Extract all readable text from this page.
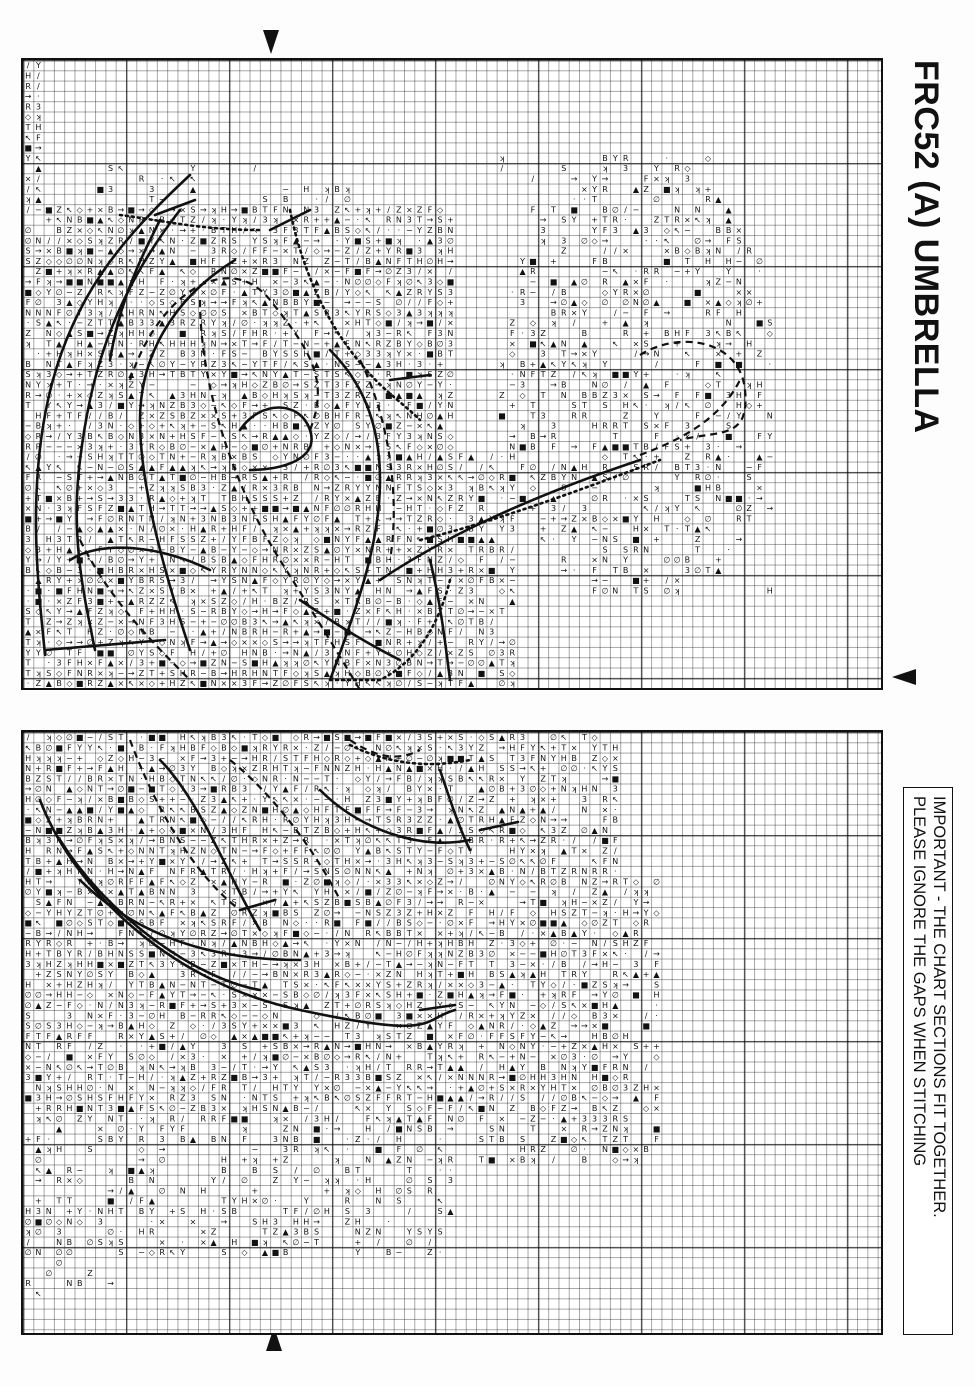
/
H
R
→
R
◇
T
↖
■
Y
×
/
ʞ
/
∅
∅
S
S
→
■
F
N
·
Z
ʞ
B
S
N
R
T
−
◇
R
/
↖
F
∅
+
×
■
B
3
◇
Y
B
·
·
S
T
▲
T
Y
T
T
·
Y
/
/
·
3
ʞ
H
F
→
↖
▲
/
↖
▲
−
N
→
Z
Z
F
◇
∅
N
S
·
ʞ
Y
→
H
B
R
R
∅
▲
R
↖
T
N
+
/
3
→
↖
▲
■
■
◇
×
ʞ
Y
ʞ
Z
■
+
/
×
◇
■
ʞ
Y
N
▲
N
T
+
N
3
ʞ
∅
Y
F
ʞ
→
−
Y
■
·
→
H
+
/
◇
R
·
·
↖
Z
F
·
∅
·
S
▲
Z
↖
B
/
B
◇
+
→
∅
3
F
↖
◇
▲
H
T
◇
+
·
↖
+
+
/
−
·
↖
−
↖
×
3
■
/
3
H
Y
B
Y
■
×
Y
→
↖
◇
3
◇
B
↖
N
Z
×
■
∅
ʞ
■
−
▲
∅
·
▲
ʞ
▲
→
T
+
Y
T
·
Y
−
→
S
∅
B
ʞ
Y
−
T
▲
+
−
+
F
Z
→
Z
T
→
T
F
F
◇
◇
B
×
◇
ʞ
∅
×
■
Z
◇
Y
−
S
H
H
F
+
·
×
→
F
3
×
−
↖
T
+
+
F
▲
R
↖
■
3
ʞ
H
F
▲
ʞ
→
F
H
N
■
+
■
◇
S
■
N
R
N
·
Y
3
Z
■
▲
×
ʞ
T
→
◇
▲
/
/
B
3
S
−
+
×
→
S
→
◇
/
↖
·
∅
N
3
F
×
H
∅
×
R
R
■
×
▲
↖
ʞ
−
ʞ
▲
■
R
H
ʞ
T
→
−
S
Z
Z
·
Z
3
/
3
↖
ʞ
H
N
→
◇
S
F
F
▲
F
/
■
∅
■
■
Z
Z
Z
+
■
F
×
Z
S
3
B
↖
N
Z
▲
◇
▲
■
↖
ʞ
/
T
Z
H
B
3
R
×
ʞ
/
B
N
B
+
ʞ
−
▲
3
→
Z
∅
▲
▲
Y
B
H
×
→
+
ʞ
−
·
Z
■
▲
ʞ
▲
↖
→
◇
∅
R
◇
R
∅
▲
ʞ
▲
▲
ʞ
N
▲
·
∅
ʞ
S
■
/
·
◇
·
T
∅
N
3
■
R
×
T
◇
∅
B
■
→
−
◇
×
∅
ʞ
×
−
×
■
N
ʞ
/
→
↖
↖
ʞ
F
·
H
B
H
·
→
ʞ
▲
Z
▲
Y
◇
N
3
T
S
B
−
3
▲
N
·
↖
∅
→
R
Y
↖
▲
→
◇
↖
∅
/
→
↖
R
→
R
▲
■
×
H
↖
H
Z
·
R
3
H
R
−
3
Y
T
→
Z
+
3
Y
∅
▲
∅
+
·
T
T
N
R
×
Y
×
B
Z
R
F
N
N
Y
Y
3
Z
×
3
T
◇
−
N
Y
→
Z
F
−
◇
N
3
◇
H
Z
↖
H
−
↖
ʞ
×
◇
×
R
◇
▲
T
Z
R
H
N
/
−
3
+
H
R
×
Z
+
F
B
−
S
+
T
◇
·
−
B
×
↖
▲
Y
▲
F
Z
S
↖
▲
↖
Z
∅
→
N
Z
+
N
◇
T
F
▲
ʞ
▲
→
/
∅
H
−
·
S
S
S
Z
H
3
◇
◇
■
+
+
↖
→
−
·
N
N
▲
·
∅
◇
H
3
H
Y
T
▲
Z
S
↖
+
B
N
▲
T
ʞ
◇
T
ʞ
×
F
B
N
×
→
/
↖
H
H
−
N
F
−
S
H
×
T
→
·
↖
ʞ
Y
B
S
R
■
H
B
−
B
3
B
B
ʞ
H
∅
+
▲
■
S
+
T
N
·
S
Y
↖
■
3
B
·
S
ʞ
◇
H
Z
Y
↖
▲
S
Z
+
Z
−
■
◇
+
◇
S
◇
Z
H
3
Y
T
−
H
3
Z
+
S
−
−
ʞ
∅
B
ʞ
→
+
H
S
−
/
◇
/
×
ʞ
S
−
·
F
H
→
R
↖
→
/
·
■
H
·
×
ʞ
∅
R
R
ʞ
N
R
Y
N
◇
×
−
F
×
R
↖
−
3
T
→
3
▲
Z
▲
B
↖
×
−
+
▲
→
/
■
−
■
ʞ
ʞ
B
Z
3
F
R
×
∅
→
∅
Y
ʞ
N
·
Z
×
◇
−
−
×
S
−
▲
ʞ
→
H
·
▲
N
R
+
B
S
Y
→
+
S
R
−
+
▲
+
Z
B
N
H
·
T
R
R
N
▲
F
→
S
ʞ
S
→
F
3
Y
→
ʞ
↖
S
↖
↖
H
B
ʞ
B
Z
T
S
B
+
/
−
B
R
Y
▲
Z
B
∅
/
→
∅
N
→
×
→
Y
H
S
◇
Z
∅
S
·
F
/
/
×
S
↖
■
ʞ
◇
+
H
S
−
×
B
→
▲
B
◇
3
H
Y
Y
▲
Y
S
/
◇
Y
∅
N
◇
−
H
×
■
ʞ
/
/
+
×
+
▲
ʞ
×
∅
F
T
−
−
→
H
▲
F
3
▲
↖
◇
B
◇
R
/
H
+
N
F
F
−
◇
N
N
+
/
◇
B
B
×
H
S
R
3
/
B
/
↖
Y
F
×
Z
H
T
↖
B
·
H
→
Y
↖
◇
B
→
F
·
→
■
S
×
S
R
S
+
F
/
B
◇
F
N
▲
↖
H
→
3
R
×
N
■
H
F
S
T
3
S
F
R
■
Y
▲
T
ʞ
R
F
B
T
N
Z
◇
+
S
·
R
∅
×
▲
×
S
■
S
F
→
H
◇
F
T
·
H
↖
H
◇
B
H
N
→
F
ʞ
3
ʞ
−
3
■
×
3
N
◇
ʞ
·
/
Y
F
Y
B
H
↖
H
▲
+
◇
+
3
S
■
H
ʞ
Z
N
R
↖
◇
B
→
→
−
S
·
▲
T
Z
−
B
N
F
F
×
F
−
∅
B
ʞ
Z
+
T
S
/
▲
∅
ʞ
S
◇
B
▲
N
Y
3
R
R
+
→
▲
×
◇
R
∅
Y
Y
ʞ
Z
F
▲
R
→
→
ʞ
F
∅
×
3
▲
T
N
−
3
■
B
T
·
Y
−
S
↖
T
→
S
Z
F
■
◇
R
N
/
B
Z
■
F
▲
ʞ
×
×
ʞ
R
+
/
◇
↖
+
→
N
ʞ
◇
F
H
N
R
T
−
/
Z
·
↖
▲
Y
▲
+
N
H
S
−
S
ʞ
·
↖
−
·
B
∅
+
/
▲
Y
+
Z
×
N
∅
Y
R
▲
ʞ
▲
ʞ
▲
∅
ʞ
S
·
3
+
F
→
◇
/
▲
Z
■
S
↖
F
−
■
▲
S
Z
−
B
∅
Z
Y
F
R
R
N
/
N
∅
ʞ
◇
S
R
R
Y
S
S
3
×
→
T
/
↖
S
↖
ʞ
/
+
▲
→
Z
×
−
B
−
B
→
+
/
·
T
T
T
◇
B
Y
Z
+
3
∅
◇
→
R
F
F
ʞ
■
▲
−
+
◇
3
+
/
■
F
3
Y
▲
ʞ
B
Z
▲
B
·
−
−
−
·
/
3
↖
▲
T
N
S
3
3
▲
H
∅
◇
◇
−
3
↖
Z
Y
∅
▲
×
N
∅
H
◇
→
N
×
■
B
−
H
N
ʞ
·
ʞ
∅
↖
−
S
Y
Z
T
F
N
Y
→
↖
×
/
F
+
S
↖
F
Z
F
F
/
N
·
↖
−
R
×
∅
→
Y
Y
T
↖
×
Y
T
·
ʞ
■
S
N
B
H
Y
+
·
◇
■
/
/
■
∅
◇
−
Y
H
N
◇
−
◇
Z
R
Y
R
S
→
×
·
■
·
Y
▲
R
T
R
F
×
S
Y
▲
R
Z
T
F
F
F
◇
H
ʞ
↖
↖
S
Z
B
F
∅
↖
−
R
T
ʞ
↖
3
−
×
Z
Z
N
−
Y
/
→
▲
■
■
Y
Z
H
+
Z
▲
N
■
+
▲
B
×
/
→
·
+
×
B
↖
+
/
+
+
▲
→
◇
S
S
◇
3
R
3
▲
·
→
3
↖
∅
3
F
ʞ
N
∅
N
B
H
↖
F
▲
R
B
T
+
H
∅
F
/
↖
■
Y
N
∅
↖
/
R
·
■
Y
N
∅
F
↖
◇
■
−
Z
ʞ
3
R
ʞ
■
·
ʞ
■
F
S
ʞ
S
▲
N
·
→
R
+
H
N
N
−
↖
■
Z
N
+
3
Y
ʞ
Z
N
·
ʞ
R
F
Z
ʞ
▲
∅
3
/
R
B
Y
H
N
▲
↖
Z
Y
↖
■
3
R
F
Z
−
→
↖
F
+
·
·
S
B
H
ʞ
−
R
∅
∅
■
∅
×
3
−
■
T
3
∅
Z
/
▲
ʞ
↖
Y
×
·
■
∅
■
F
N
−
3
F
▲
R
R
T
→
H
T
·
N
×
3
■
N
→
·
·
·
H
+
H
B
F
/
Z
T
Y
·
3
H
/
↖
R
/
3
→
◇
·
3
ʞ
Y
▲
■
H
×
ʞ
◇
H
×
ʞ
S
×
T
Z
+
↖
Z
F
+
ʞ
▲
◇
×
F
B
ʞ
◇
N
◇
S
F
→
Z
▲
∅
×
3
Y
F
ʞ
■
F
B
■
·
S
−
/
∅
↖
N
×
/
H
3
◇
N
·
R
■
■
Y
N
H
T
F
▲
B
+
◇
/
Z
→
/
−
◇
S
B
3
ʞ
H
◇
S
◇
ʞ
/
3
∅
B
+
Z
Y
ʞ
Y
▲
▲
S
∅
▲
∅
×
×
↖
◇
◇
∅
S
R
Z
H
−
S
F
T
N
+
/
T
▲
ʞ
+
N
∅
H
→
/
■
3
+
ʞ
×
N
3
T
∅
·
Z
N
H
◇
◇
S
S
↖
3
Z
F
·
3
H
×
/
3
/
·
−
T
↖
F
−
×
→
3
T
F
/
↖
R
Z
·
■
◇
+
×
Z
∅
∅
/
Z
−
N
F
▲
→
ʞ
Y
3
B
■
T
R
∅
3
×
→
T
R
S
∅
▲
/
∅
B
■
R
▲
Y
▲
R
F
×
F
N
−
B
N
Y
∅
■
/
↖
◇
↖
Y
▲
B
■
B
×
/
3
/
∅
▲
ʞ
/
ʞ
Z
■
·
R
ʞ
·
ʞ
Y
R
/
×
◇
T
→
3
T
S
∅
·
Z
F
×
◇
·
−
+
→
N
H
■
Y
−
F
3
/
−
Y
−
↖
▲
∅
R
ʞ
◇
ʞ
Y
▲
R
3
·
B
N
3
◇
ʞ
■
F
■
/
F
■
R
−
−
◇
3
■
+
F
T
T
B
B
∅
↖
◇
+
→
3
ʞ
Z
↖
3
▲
T
T
3
→
Z
−
+
↖
T
+
■
/
→
B
ʞ
▲
↖
Z
→
3
R
F
/
B
▲
3
+
·
S
S
3
Z
B
∅
R
N
T
Y
B
N
N
Y
S
/
→
Z
R
→
→
·
■
Y
▲
▲
×
/
→
↖
/
S
R
→
▲
N
Z
▲
Y
·
×
·
∅
∅
◇
Y
B
▲
×
ʞ
↖
B
T
R
H
3
×
Y
Y
T
+
Y
◇
F
Y
ʞ
N
B
H
F
▲
−
∅
B
↖
−
×
F
→
F
B
ʞ
→
R
B
T
F
→
/
B
−
R
◇
∅
+
Y
∅
Z
S
R
▲
◇
R
S
R
◇
−
N
S
N
−
∅
Y
∅
R
3
/
↖
Y
/
↖
■
3
R
T
■
/
×
S
T
N
R
3
/
·
×
▲
R
∅
−
▲
R
■
/
×
H
Z
T
■
T
∅
·
■
S
Y
B
▲
−
▲
·
×
×
N
×
/
Y
↖
T
↖
S
×
Y
H
■
R
■
T
F
Z
3
·
R
F
∅
∅
F
ʞ
+
S
→
+
▲
S
·
S
B
·
R
S
↖
×
N
×
+
S
Y
×
∅
Z
·
R
▲
N
/
→
Y
×
F
/
+
/
ʞ
/
H
+
·
ʞ
■
T
◇
↖
×
■
·
→
B
F
ʞ
F
F
ʞ
T
∅
/
∅
R
ʞ
N
R
↖
B
−
H
+
·
F
/
·
S
B
Y
Y
·
∅
×
ʞ
◇
3
×
−
◇
T
+
■
F
↖
ʞ
↖
3
×
+
Z
T
T
◇
T
B
3
ʞ
N
↖
∅
B
Y
■
F
F
F
/
3
R
■
S
↖
▲
Z
T
∅
◇
+
R
ʞ
→
ʞ
H
ʞ
×
R
3
◇
■
∅
3
R
·
∅
H
∅
↖
T
▲
B
N
Z
▲
F
↖
ʞ
×
■
↖
T
−
·
▲
N
·
B
N
+
▲
▲
▲
B
F
H
Y
−
◇
N
B
→
3
/
S
■
·
■
·
×
S
/
−
N
×
ʞ
H
↖
+
■
H
H
Y
→
■
∅
R
→
R
×
∅
H
ʞ
◇
−
S
·
Z
T
∅
·
+
■
Z
H
F
+
F
▲
F
×
→
S
◇
·
N
Y
−
→
H
/
↖
H
N
B
→
H
·
■
−
B
H
T
/
H
∅
◇
■
−
R
H
3
H
∅
∅
S
S
F
N
◇
×
3
■
+
H
∅
ʞ
/
∅
R
B
ʞ
+
Z
∅
∅
↖
◇
N
ʞ
B
■
T
Y
S
−
↖
B
Y
+
ʞ
+
∅
▲
∅
T
T
−
−
■
N
3
+
ʞ
F
▲
∅
↖
→
+
3
■
∅
N
↖
ʞ
∅
ʞ
R
S
N
◇
N
Z
■
3
R
+
+
→
■
▲
Y
→
R
T
H
Z
×
→
Z
S
F
/
N
Y
ʞ
H
R
↖
·
ʞ
▲
N
∅
∅
◇
■
ʞ
■
T
F
−
+
■
R
N
▲
ʞ
ʞ
F
H
■
/
◇
B
Z
S
+
H
−
3
▲
R
↖
+
S
→
R
∅
▲
H
R
T
◇
3
N
∅
∅
∅
F
−
F
/
▲
−
▲
ʞ
Z
→
→
H
H
−
N
Y
∅
N
R
Y
ʞ
N
H
H
F
3
H
R
F
■
∅
/
H
∅
H
R
×
T
+
N
B
∅
N
■
Y
+
+
/
◇
ʞ
▲
B
ʞ
∅
F
→
F
Y
B
Z
◇
H
R
H
Y
Z
−
◇
◇
F
↖
H
S
■
Z
−
◇
Y
◇
B
−
Y
→
B
N
/
■
R
B
F
▲
N
N
N
×
−
T
S
→
+
/
H
∅
H
◇
·
N
−
F
/
×
→
R
∅
H
N
Y
S
·
∅
Z
/
↖
◇
F
R
T
×
/
N
▲
ʞ
S
·
ʞ
−
▲
∅
T
·
B
■
S
ʞ
N
×
ʞ
Z
F
T
T
·
S
T
×
S
N
3
S
S
·
Z
▲
×
→
B
Y
+
3
S
↖
B
H
∅
×
▲
+
◇
B
H
×
Y
/
×
/
F
→
Y
∅
·
N
F
3
N
B
ʞ
→
■
H
∅
ʞ
→
T
■
◇
H
T
∅
■
■
H
×
+
×
→
R
▲
B
ʞ
■
F
→
N
■
N
N
·
B
R
·
B
T
H
■
T
∅
Y
/
T
·
S
S
H
N
■
B
▲
·
ʞ
◇
→
N
F
T
R
∅
F
N
S
Z
B
Y
◇
3
3
▲
×
S
−
×
F
▲
·
■
B
▲
/
·
B
−
+
·
−
◇
◇
▲
▲
/
N
+
▲
F
▲
N
N
S
Y
ʞ
S
T
◇
T
−
ʞ
−
H
Y
·
∅
ʞ
H
Y
F
·
Y
R
◇
→
▲
F
B
H
−
■
·
3
▲
H
■
S
T
+
→
N
Y
F
▲
B
−
↖
B
/
∅
■
↖
▲
B
F
−
∅
◇
▲
+
◇
N
/
N
×
S
ʞ
ʞ
N
▲
Y
·
R
◇
■
F
−
→
B
T
+
R
R
◇
B
T
■
F
N
↖
▲
F
∅
−
N
3
▲
▲
R
H
S
■
↖
·
−
↖
F
3
→
∅
∅
×
×
R
ʞ
∅
◇
◇
+
↖
N
◇
N
ʞ
×
N
↖
N
R
F
ʞ
H
∅
Y
N
Y
■
Z
+
/
/
→
ʞ
ʞ
R
∅
R
Y
+
↖
H
H
×
3
T
/
−
↖
↖
■
S
H
Y
F
◇
+
↖
×
Y
F
−
+
3
−
T
F
B
/
▲
×
ʞ
▲
ʞ
Z
−
/
F
B
N
S
·
Y
↖
B
F
Y
N
3
·
B
■
×
−
Z
R
Z
3
×
B
ʞ
∅
·
3
B
R
N
→
+
−
◇
Y
3
B
Z
◇
3
Z
▲
×
ʞ
F
→
↖
→
Z
S
◇
N
−
N
/
▲
▲
↖
R
N
↖
−
−
T
−
→
R
·
∅
·
+
/
B
R
H
H
×
×
B
◇
3
B
↖
■
3
Z
−
/
Z
◇
→
T
×
↖
Z
S
Z
ʞ
3
Z
F
−
↖
S
R
/
◇
3
R
F
S
3
R
B
Y
·
Z
▲
3
B
+
◇
/
R
▲
▲
/
3
↖
T
Z
R
▲
×
T
R
→
/
R
■
T
·
+
↖
3
3
×
−
Z
R
N
×
F
N
H
B
/
T
S
→
S
↖
◇
−
ʞ
∅
B
↖
◇
/
H
T
N
↖
/
N
T
S
∅
F
∅
▲
·
×
/
∅
S
3
◇
S
▲
/
■
■
Y
B
H
·
■
→
×
·
3
+
Z
↖
F
H
−
+
·
Y
B
·
R
/
T
N
3
T
/
−
×
×
−
Y
×
S
+
T
B
T
·
ʞ
■
ʞ
F
+
∅
H
◇
T
ʞ
H
Z
◇
·
N
R
R
→
H
−
/
Z
×
×
B
→
H
−
T
×
−
−
+
▲
/
·
→
/
N
H
−
ʞ
B
+
×
S
■
◇
R
R
R
N
/
Y
■
H
H
×
F
T
ʞ
R
→
×
ʞ
B
◇
H
/
−
→
▲
×
S
◇
×
■
+
ʞ
→
3
T
S
∅
H
T
ʞ
▲
■
Y
/
H
R
Y
↖
H
·
↖
+
◇
→
+
+
/
■
ʞ
◇
∅
→
B
−
·
N
×
■
S
■
Y
+
H
S
N
ʞ
3
+
S
Z
·
3
Z
■
R
S
T
·
▲
↖
∅
R
−
Z
+
S
F
■
Y
▲
B
N
F
▲
B
ʞ
N
T
S
S
■
↖
B
∅
T
▲
×
Z
N
3
Z
T
▲
↖
B
◇
×
T
ʞ
N
F
×
▲
∅
B
→
F
S
/
·
↖
+
S
◇
■
→
N
×
×
S
B
ʞ
3
+
×
−
↖
ʞ
Y
+
B
N
B
R
/
Y
F
H
3
∅
R
·
F
−
−
/
·
◇
Y
T
R
F
R
→
Z
↖
·
◇
↖
▲
3
R
×
◇
▲
ʞ
→
×
▲
T
ʞ
−
/
−
Y
/
H
B
−
→
Z
H
F
−
R
−
H
H
Z
↖
−
S
∅
Y
S
Z
·
−
+
H
3
·
∅
◇
↖
−
R
B
S
/
Y
↖
/
3
■
■
ʞ
∅
∅
→
S
T
■
/
◇
N
T
↖
−
F
ʞ
B
·
∅
◇
N
■
H
Z
∅
R
·
·
3
▲
↖
/
Z
−
−
▲
∅
3
−
×
B
H
·
↖
ʞ
+
H
S
−
R
N
·
·
·
T
3
◇
×
∅
T
S
ʞ
B
→
■
/
Y
→
×
R
F
ʞ
T
/
H
N
◇
R
∅
↖
/
→
ʞ
ʞ
■
∅
◇
Z
ʞ
H
F
H
+
T
H
∅
◇
×
■
N
×
ʞ
B
◇
↖
3
+
↖
Z
T
→
→
·
3
∅
·
·
B
ʞ
R
S
Z
→
↖
+
H
◇
■
→
H
ʞ
Y
×
N
/
/
S
−
F
N
+
−
×
F
∅
B
/
3
■
R
ʞ
3
−
S
↖
Z
T
·
◇
H
N
+
Y
■
◇
·
Y
◇
Z
F
→
↖
∅
▲
→
N
·
■
B
N
■
R
/
·
×
×
R
∅
Y
H
↖
H
B
×
Z
×
F
H
·
N
H
3
Z
F
N
▲
H
/
ʞ
3
F
T
+
↖
B
·
↖
×
/
▲
S
/
↖
/
↖
−
×
Y
↖
S
■
ʞ
N
/
/
■
▲
F
↖
/
■
H
N
N
/
■
∅
H
▲
→
/
■
→
S
◇
↖
↖
3
▲
3
Z
∅
Z
/
B
N
−
T
Z
S
S
ʞ
S
→
N
T
S
−
F
Y
ʞ
/
▲
·
B
×
↖
+
N
F
Y
F
R
3
T
S
H
3
∅
F
3
B
B
−
H
▲
N
+
H
◇
3
×
T
+
Z
Y
R
▲
■
H
F
Z
∅
S
−
/
ʞ
∅
▲
B
B
+
−
3
R
S
T
↖
+
↖
−
3
Z
S
T
/
∅
→
Z
+
H
■
∅
Z
×
R
↖
T
S
T
N
N
T
∅
S
/
Y
∅
3
×
−
■
/
Y
ʞ
3
Z
■
−
Y
ʞ
N
×
ʞ
/
+
◇
×
H
F
−
H
R
■
Z
×
Z
B
R
×
↖
−
◇
▲
S
∅
S
S
S
∅
×
ʞ
×
B
→
Z
F
F
−
3
ʞ
◇
F
→
H
−
+
ʞ
ʞ
ʞ
ʞ
·
×
▲
■
▲
T
→
↖
→
H
F
F
B
−
S
R
Y
/
Z
+
·
ʞ
H
ʞ
·
F
·
▲
▲
F
−
Z
→
→
×
·
×
ʞ
ʞ
N
T
/
Z
Y
H
Y
Y
ʞ
T
/
■
−
·
↖
ʞ
·
↖
S
S
·
×
↖
■
·
S
T
∅
ʞ
▲
/
◇
S
∅
→
×
Z
∅
+
H
N
−
+
×
■
◇
F
×
R
↖
▲
×
·
▲
F
N
→
R
·
3
▲
S
3
■
/
B
/
N
∅
3
/
T
ʞ
+
/
·
R
×
ʞ
B
Z
F
■
×
H
S
/
F
ʞ
+
▲
N
+
▲
/
∅
·
Y
T
▲
↖
Z
↖
T
S
B
/
3
3
B
−
F
F
/
H
B
T
H
◇
▲
−
R
◇
∅
N
▲
/
↖
◇
Z
▲
H
↖
▲
→
Z
R
◇
R
+
×
·
×
↖
3
3
ʞ
×
▲
·
+
R
/
N
∅
→
■
F
S
T
S
S
R
∅
Z
H
↖
·
−
▲
∅
▲
H
→
−
Z
∅
T
B
−
→
↖
+
N
F
↖
R
+
R
N
S
T
■
▲
→
S
×
B
▲
▲
R
R
S
B
N
/
H
B
·
S
▲
F
Y
ʞ
R
F
N
−
H
→
S
/
×
N
B
R
H
T
S
+
+
N
F
■
+
H
∅
·
Y
−
F
Y
3
×
3
▲
·
■
N
Y
/
S
◇
+
▲
■
×
/
Z
×
3
F
3
→
Y
3
▲
Z
◇
↖
Y
↖
N
◇
→
×
/
◇
−
−
ʞ
·
Z
·
F
N
N
Y
∅
R
S
−
S
H
B
Y
F
↖
∅
ʞ
+
◇
→
×
↖
/
↖
−
T
◇
∅
·
+
−
×
▲
T
−
×
◇
Y
Y
−
H
×
B
Z
T
R
ʞ
↖
N
+
Z
◇
×
▲
N
↖
Z
ʞ
∅
B
R
■
■
×
■
·
H
Y
+
◇
▲
−
·
B
H
Y
/
◇
−
Z
∅
+
Y
T
+
+
/
→
3
R
F
T
∅
ʞ
H
■
▲
∅
H
/
◇
ʞ
/
/
Z
↖
−
×
3
H
/
F
·
Z
/
↖
T
H
∅
ʞ
N
→
Z
·
▲
Z
B
ʞ
S
▲
B
·
∅
B
T
/
R
S
/
→
+
∅
N
H
T
∅
Z
▲
×
■
×
B
∅
ʞ
/
T
R
/
H
Z
▲
−
T
R
·
F
↖
◇
→
Z
3
ʞ
N
×
B
→
+
◇
∅
T
·
H
3
N
∅
×
N
N
−
T
◇
Y
3
/
Y
■
×
→
×
·
Y
↖
3
R
↖
·
B
◇
Y
Z
↖
N
▲
/
↖
R
Z
Z
×
−
∅
·
N
F
→
Z
→
■
B
×
H
▲
∅
■
H
∅
−
B
3
→
T
◇
Y
→
R
×
F
N
■
Z
F
R
→
▲
Z
ʞ
Z
/
×
H
S
Y
H
3
■
B
H
F
■
B
◇
↖
3
Z
T
N
H
×
S
■
3
↖
·
B
F
/
N
·
R
/
·
T
◇
S
↖
−
R
ʞ
∅
▲
×
∅
×
→
R
◇
∅
→
Z
R
N
Z
■
◇
T
/
H
▲
H
·
↖
→
H
Y
N
R
3
S
ʞ
T
◇
→
◇
ʞ
Y
→
◇
R
Z
3
▲
■
S
Z
▲
×
ʞ
ʞ
→
Y
R
F
/
+
/
■
+
/
H
◇
B
∅
◇
→
F
▲
S
H
·
·
+
◇
×
F
×
■
F
FRC52 (A) UMBRELLA
IMPORTANT - THE CHART SECTIONS FIT TOGETHER.
PLEASE IGNORE THE GAPS WHEN STITCHING
